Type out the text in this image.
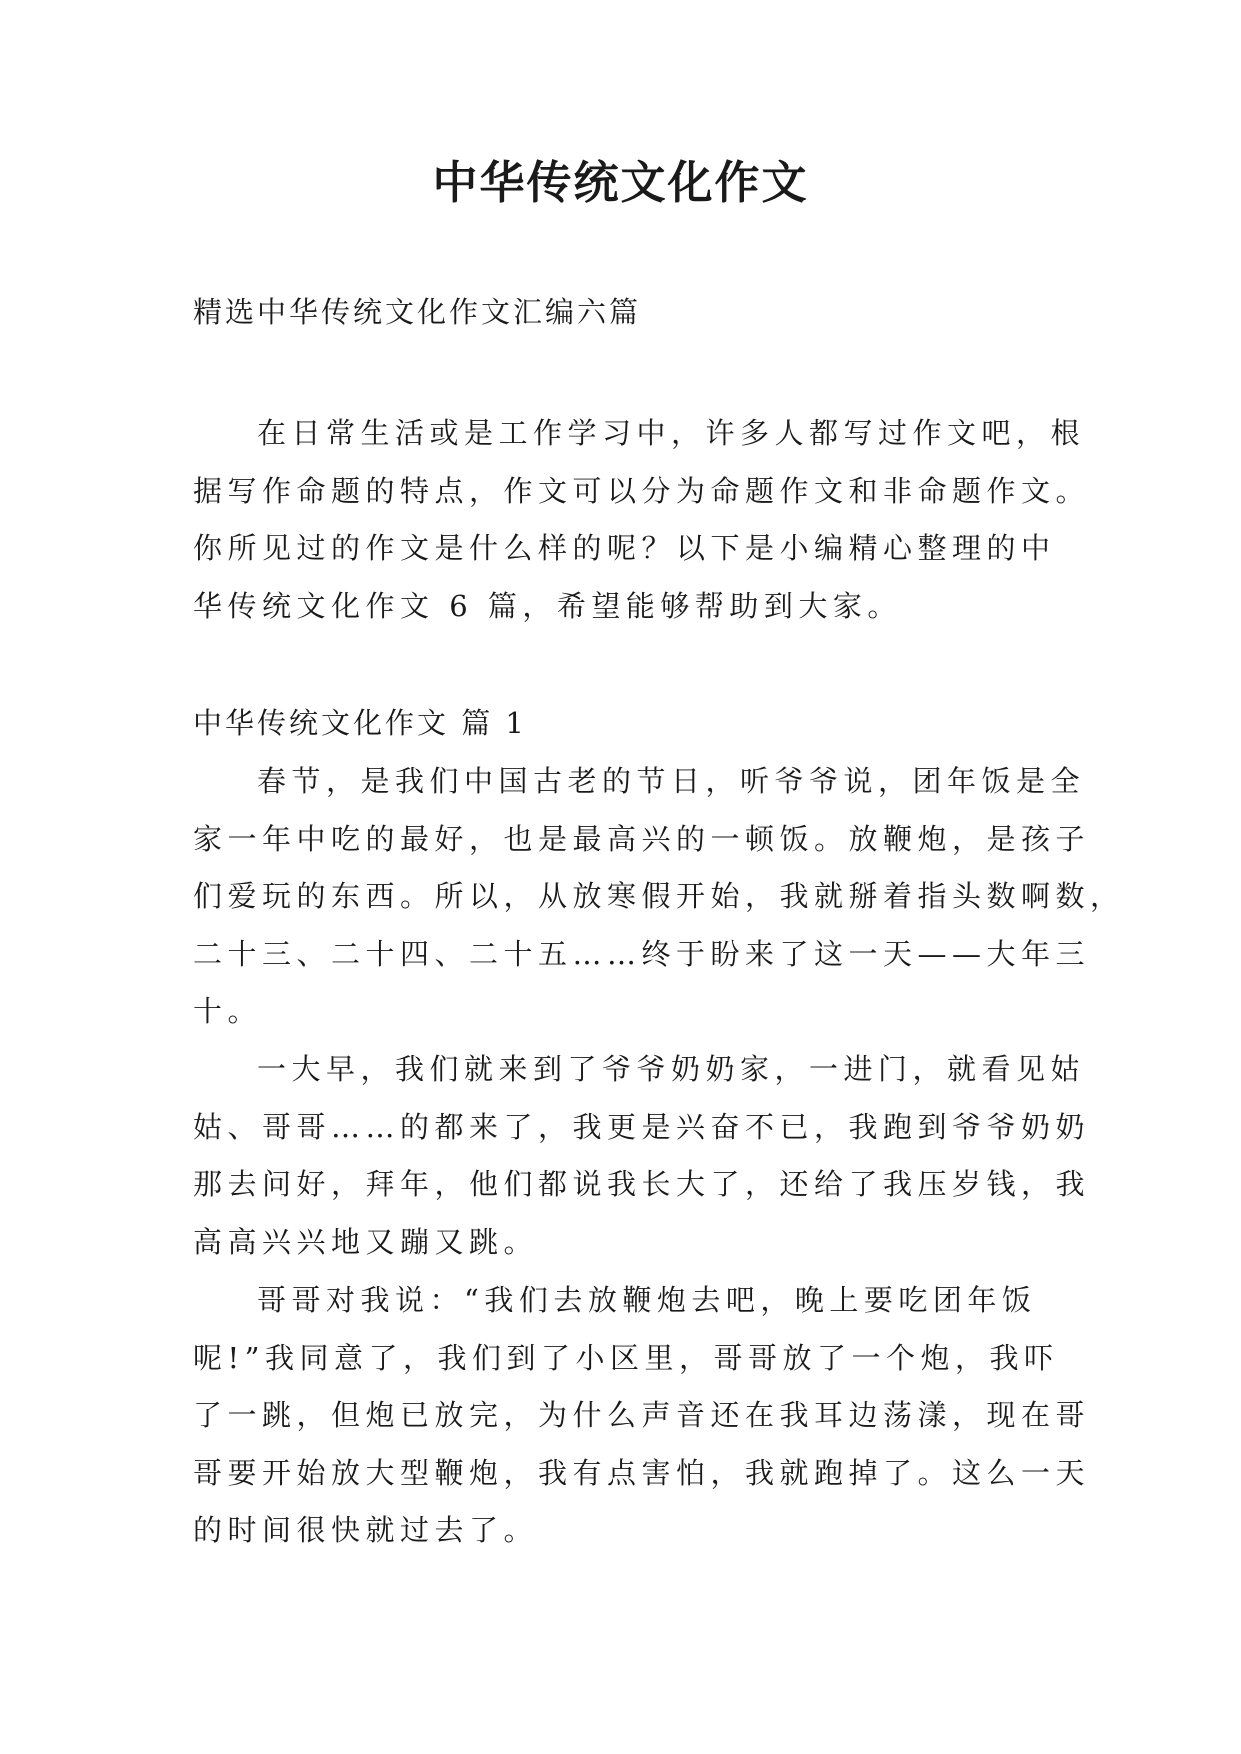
中华传统文化作文
精选中华传统文化作文汇编六篇
在日常生活或是工作学习中，许多人都写过作文吧，根
据写作命题的特点，作文可以分为命题作文和非命题作文。
你所见过的作文是什么样的呢？以下是小编精心整理的中
华传统文化作文 6 篇，希望能够帮助到大家。
中华传统文化作文 篇 1
春节，是我们中国古老的节日，听爷爷说，团年饭是全
家一年中吃的最好，也是最高兴的一顿饭。放鞭炮，是孩子
们爱玩的东西。所以，从放寒假开始，我就掰着指头数啊数，
二十三、二十四、二十五……终于盼来了这一天——大年三
十。
一大早，我们就来到了爷爷奶奶家，一进门，就看见姑
姑、哥哥……的都来了，我更是兴奋不已，我跑到爷爷奶奶
那去问好，拜年，他们都说我长大了，还给了我压岁钱，我
高高兴兴地又蹦又跳。
哥哥对我说：“我们去放鞭炮去吧，晚上要吃团年饭
呢!”我同意了，我们到了小区里，哥哥放了一个炮，我吓
了一跳，但炮已放完，为什么声音还在我耳边荡漾，现在哥
哥要开始放大型鞭炮，我有点害怕，我就跑掉了。这么一天
的时间很快就过去了。
